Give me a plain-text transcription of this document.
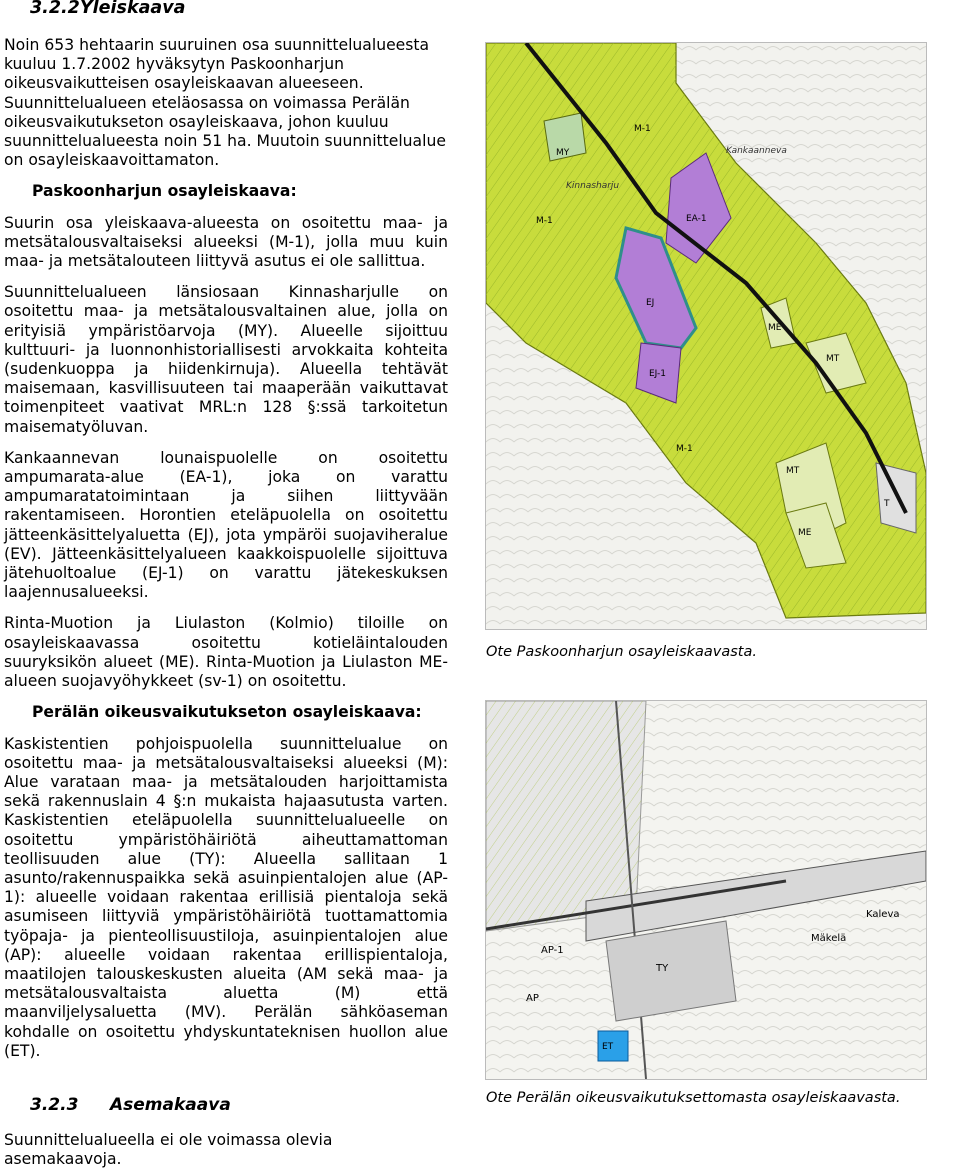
3.2.2Yleiskaava

Noin 653 hehtaarin suuruinen osa suunnittelualueesta kuuluu 1.7.2002 hyväksytyn Paskoonharjun oikeusvaikutteisen osayleiskaavan alueeseen. Suunnittelualueen eteläosassa on voimassa Perälän oikeusvaikutukseton osayleiskaava, johon kuuluu suunnittelualueesta noin 51 ha. Muutoin suunnittelualue on osayleiskaavoittamaton.

Paskoonharjun osayleiskaava:

Suurin osa yleiskaava-alueesta on osoitettu maa- ja metsätalousvaltaiseksi alueeksi (M-1), jolla muu kuin maa- ja metsätalouteen liittyvä asutus ei ole sallittua.

Suunnittelualueen länsiosaan Kinnasharjulle on osoitettu maa- ja metsätalousvaltainen alue, jolla on erityisiä ympäristöarvoja (MY). Alueelle sijoittuu kulttuuri- ja luonnonhistoriallisesti arvokkaita kohteita (sudenkuoppa ja hiidenkirnuja). Alueella tehtävät maisemaan, kasvillisuuteen tai maaperään vaikuttavat toimenpiteet vaativat MRL:n 128 §:ssä tarkoitetun maisematyöluvan.

Kankaannevan lounaispuolelle on osoitettu ampumarata-alue (EA-1), joka on varattu ampumaratatoimintaan ja siihen liittyvään rakentamiseen. Horontien eteläpuolella on osoitettu jätteenkäsittelyaluetta (EJ), jota ympäröi suojaviheralue (EV). Jätteenkäsittelyalueen kaakkoispuolelle sijoittuva jätehuoltoalue (EJ-1) on varattu jätekeskuksen laajennusalueeksi.

Rinta-Muotion ja Liulaston (Kolmio) tiloille on osayleiskaavassa osoitettu kotieläintalouden suuryksikön alueet (ME). Rinta-Muotion ja Liulaston ME-alueen suojavyöhykkeet (sv-1) on osoitettu.

Perälän oikeusvaikutukseton osayleiskaava:

Kaskistentien pohjoispuolella suunnittelualue on osoitettu maa- ja metsätalousvaltaiseksi alueeksi (M): Alue varataan maa- ja metsätalouden harjoittamista sekä rakennuslain 4 §:n mukaista hajaasutusta varten. Kaskistentien eteläpuolella suunnittelualueelle on osoitettu ympäristöhäiriötä aiheuttamattoman teollisuuden alue (TY): Alueella sallitaan 1 asunto/rakennuspaikka sekä asuinpientalojen alue (AP-1): alueelle voidaan rakentaa erillisiä pientaloja sekä asumiseen liittyviä ympäristöhäiriötä tuottamattomia työpaja- ja pienteollisuustiloja, asuinpientalojen alue (AP): alueelle voidaan rakentaa erillispientaloja, maatilojen talouskeskusten alueita (AM sekä maa- ja metsätalousvaltaista aluetta (M) että maanviljelysaluetta (MV). Perälän sähköaseman kohdalle on osoitettu yhdyskuntateknisen huollon alue (ET).

3.2.3 Asemakaava
Suunnittelualueella ei ole voimassa olevia asemakaavoja.
M-1
MY
EA-1
EJ
EJ-1
M-1
ME
MT
M-1
MT
ME
T
Kinnasharju
Kankaanneva
Ote Paskoonharjun osayleiskaavasta.
Kaleva
Mäkelä
AP-1
TY
ET
AP
Ote Perälän oikeusvaikutuksettomasta osayleiskaavasta.
